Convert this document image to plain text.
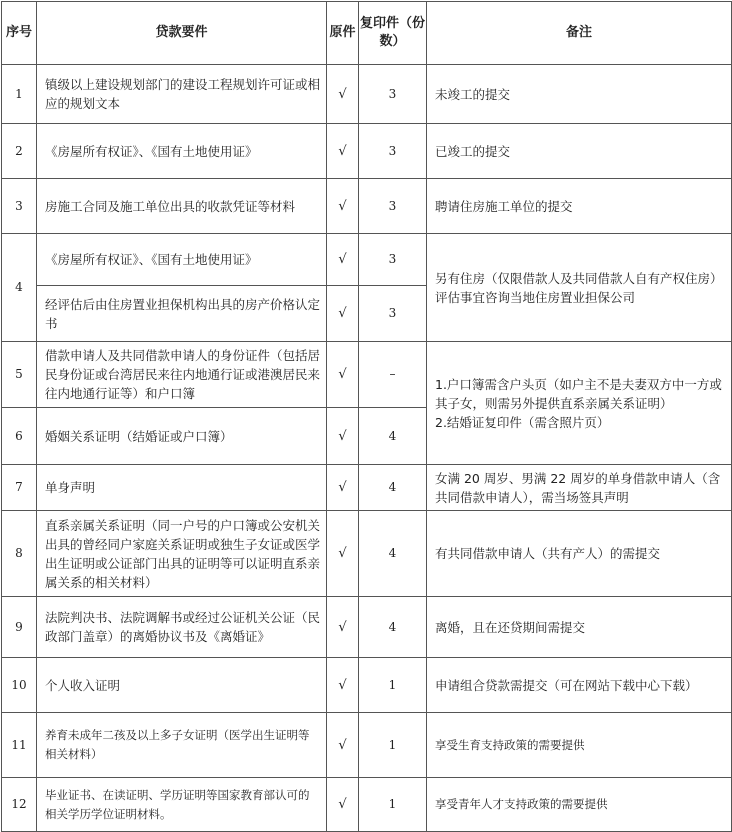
序号	贷款要件	原件	复印件（份数）	备注
1	镇级以上建设规划部门的建设工程规划许可证或相应的规划文本	√	3	未竣工的提交
2	《房屋所有权证》、《国有土地使用证》	√	3	已竣工的提交
3	房施工合同及施工单位出具的收款凭证等材料	√	3	聘请住房施工单位的提交
4	《房屋所有权证》、《国有土地使用证》	√	3	另有住房（仅限借款人及共同借款人自有产权住房）评估事宜咨询当地住房置业担保公司
	经评估后由住房置业担保机构出具的房产价格认定书	√	3	
5	借款申请人及共同借款申请人的身份证件（包括居民身份证或台湾居民来往内地通行证或港澳居民来往内地通行证等）和户口簿	√	–	1.户口簿需含户头页（如户主不是夫妻双方中一方或其子女，则需另外提供直系亲属关系证明）
2.结婚证复印件（需含照片页）

6	婚姻关系证明（结婚证或户口簿）	√	4	
7	单身声明	√	4	女满 20 周岁、男满 22 周岁的单身借款申请人（含共同借款申请人），需当场签具声明
8	直系亲属关系证明（同一户号的户口簿或公安机关出具的曾经同户家庭关系证明或独生子女证或医学出生证明或公证部门出具的证明等可以证明直系亲属关系的相关材料）	√	4	有共同借款申请人（共有产人）的需提交
9	法院判决书、法院调解书或经过公证机关公证（民政部门盖章）的离婚协议书及《离婚证》	√	4	离婚，且在还贷期间需提交
10	个人收入证明	√	1	申请组合贷款需提交（可在网站下载中心下载）
11	养育未成年二孩及以上多子女证明（医学出生证明等相关材料）	√	1	享受生育支持政策的需要提供
12	毕业证书、在读证明、学历证明等国家教育部认可的相关学历学位证明材料。	√	1	享受青年人才支持政策的需要提供
